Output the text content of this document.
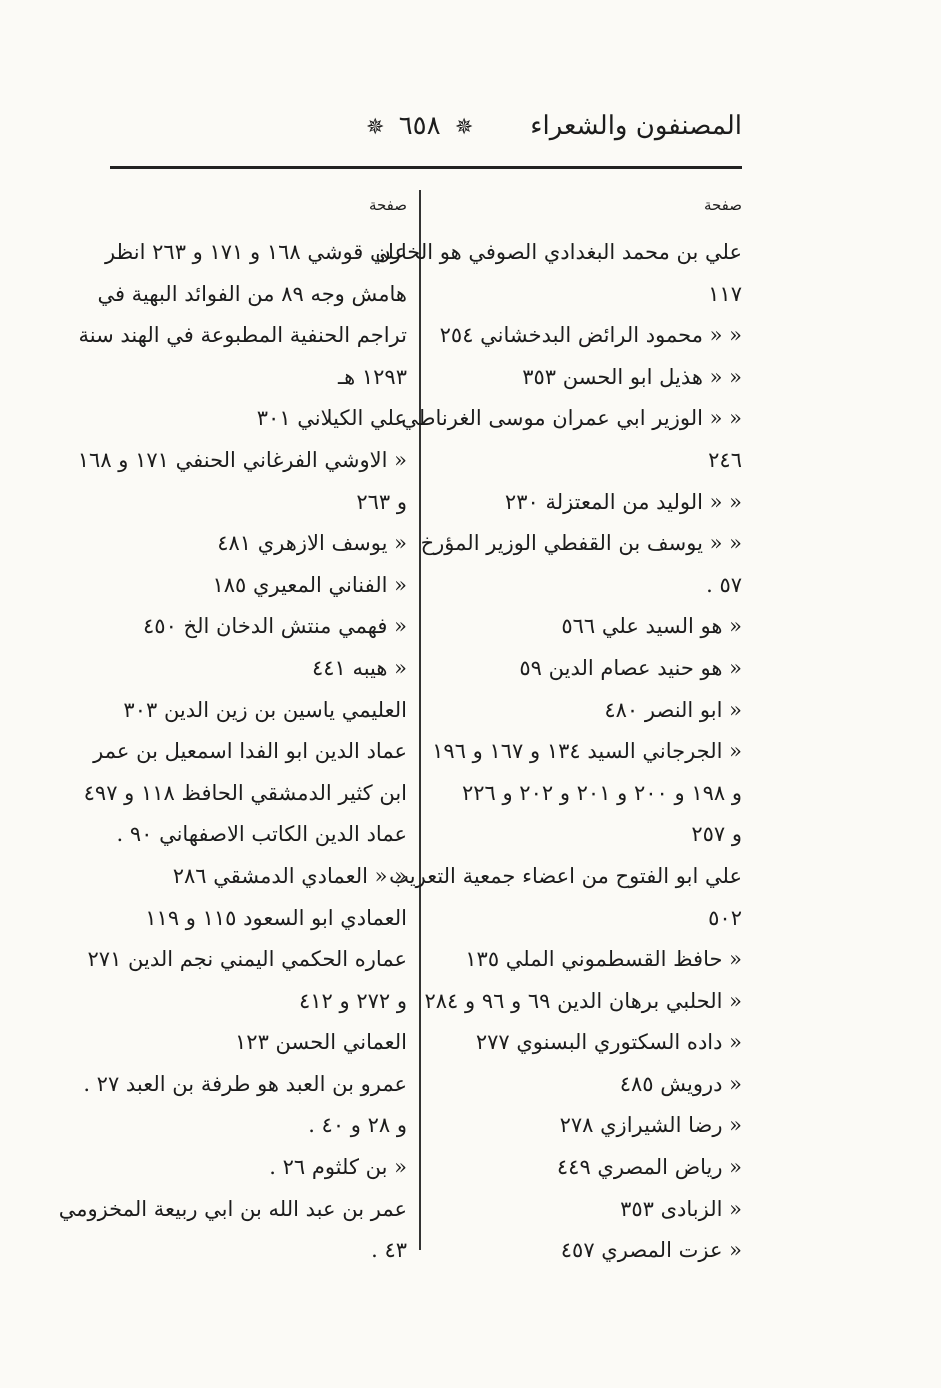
المصنفون والشعراء
✵ ٦٥٨ ✵
صفحة
علي بن محمد البغدادي الصوفي هو الخازن
١١٧
« « محمود الرائض البدخشاني ٢٥٤
« « هذيل ابو الحسن ٣٥٣
« « الوزير ابي عمران موسى الغرناطي
٢٤٦
« « الوليد من المعتزلة ٢٣٠
« « يوسف بن القفطي الوزير المؤرخ
٥٧ .
« هو السيد علي ٥٦٦
« هو حنيد عصام الدين ٥٩
« ابو النصر ٤٨٠
« الجرجاني السيد ١٣٤ و ١٦٧ و ١٩٦
و ١٩٨ و ٢٠٠ و ٢٠١ و ٢٠٢ و ٢٢٦
و ٢٥٧
علي ابو الفتوح من اعضاء جمعية التعريب
٥٠٢
« حافظ القسطموني الملي ١٣٥
« الحلبي برهان الدين ٦٩ و ٩٦ و ٢٨٤
« داده السكتوري البسنوي ٢٧٧
« درويش ٤٨٥
« رضا الشيرازي ٢٧٨
« رياض المصري ٤٤٩
« الزبادى ٣٥٣
« عزت المصري ٤٥٧
صفحة
علي قوشي ١٦٨ و ١٧١ و ٢٦٣ انظر
هامش وجه ٨٩ من الفوائد البهية في
تراجم الحنفية المطبوعة في الهند سنة
١٢٩٣ هـ
علي الكيلاني ٣٠١
« الاوشي الفرغاني الحنفي ١٧١ و ١٦٨
و ٢٦٣
« يوسف الازهري ٤٨١
« الفناني المعيري ١٨٥
« فهمي منتش الدخان الخ ٤٥٠
« هيبه ٤٤١
العليمي ياسين بن زين الدين ٣٠٣
عماد الدين ابو الفدا اسمعيل بن عمر
ابن كثير الدمشقي الحافظ ١١٨ و ٤٩٧
عماد الدين الكاتب الاصفهاني ٩٠ .
« « العمادي الدمشقي ٢٨٦
العمادي ابو السعود ١١٥ و ١١٩
عماره الحكمي اليمني نجم الدين ٢٧١
و ٢٧٢ و ٤١٢
العماني الحسن ١٢٣
عمرو بن العبد هو طرفة بن العبد ٢٧ .
و ٢٨ و ٤٠ .
« بن كلثوم ٢٦ .
عمر بن عبد الله بن ابي ربيعة المخزومي
٤٣ .
